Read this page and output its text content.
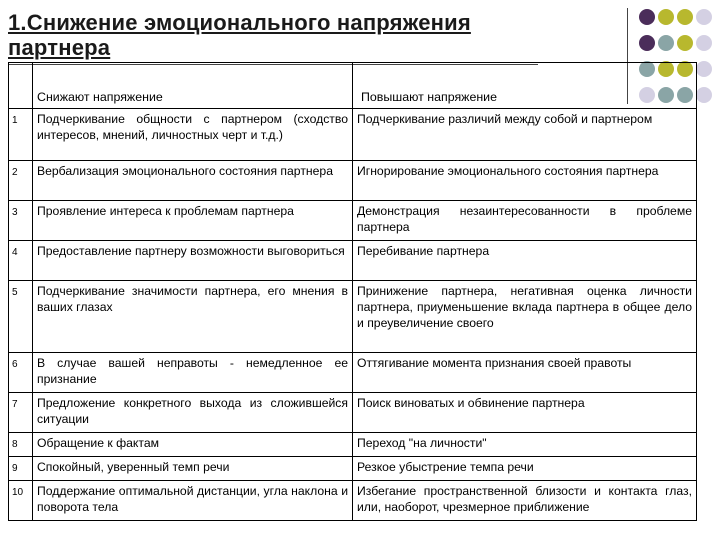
1.Снижение эмоционального напряжения партнера
	Снижают напряжение	Повышают напряжение
1	Подчеркивание общности с партнером (сходство интересов, мнений, личностных черт и т.д.)	Подчеркивание различий между собой и партнером
2	Вербализация эмоционального состояния партнера	Игнорирование эмоционального состояния партнера
3	Проявление интереса к проблемам партнера	Демонстрация незаинтересованности в проблеме партнера
4	Предоставление партнеру возможности выговориться	Перебивание партнера
5	Подчеркивание значимости партнера, его мнения в ваших глазах	Принижение партнера, негативная оценка личности партнера, приуменьшение вклада партнера в общее дело и преувеличение своего
6	В случае вашей неправоты - немедленное ее признание	Оттягивание момента признания своей правоты
7	Предложение конкретного выхода из сложившейся ситуации	Поиск виноватых и обвинение партнера
8	Обращение к фактам	Переход "на личности"
9	Спокойный, уверенный темп речи	Резкое убыстрение темпа речи
10	Поддержание оптимальной дистанции, угла наклона и поворота тела	Избегание пространственной близости и контакта глаз, или, наоборот, чрезмерное приближение
